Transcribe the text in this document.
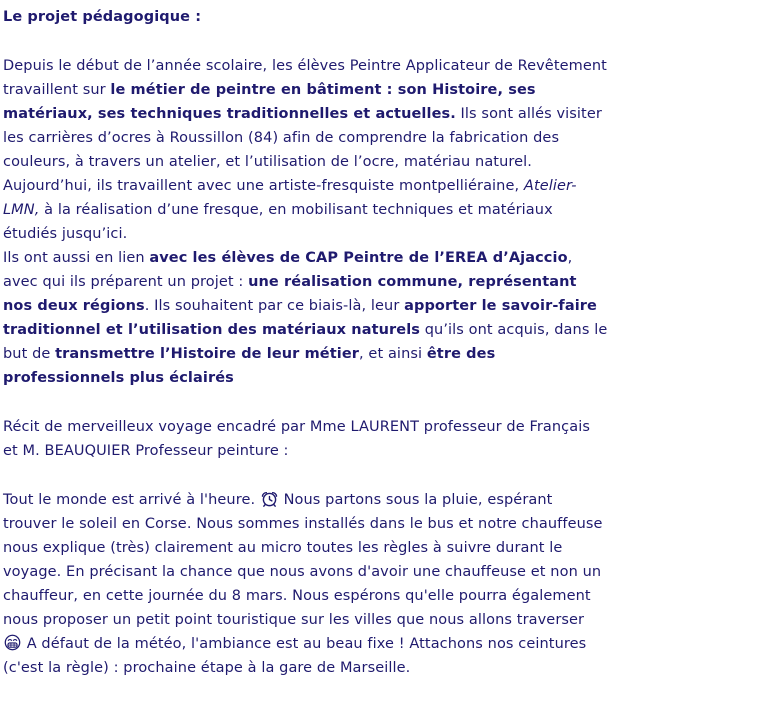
Le projet pédagogique :
Depuis le début de l’année scolaire, les élèves Peintre Applicateur de Revêtement
travaillent sur le métier de peintre en bâtiment : son Histoire, ses
matériaux, ses techniques traditionnelles et actuelles. Ils sont allés visiter
les carrières d’ocres à Roussillon (84) afin de comprendre la fabrication des
couleurs, à travers un atelier, et l’utilisation de l’ocre, matériau naturel.
Aujourd’hui, ils travaillent avec une artiste-fresquiste montpelliéraine, Atelier-
LMN, à la réalisation d’une fresque, en mobilisant techniques et matériaux
étudiés jusqu’ici.
Ils ont aussi en lien avec les élèves de CAP Peintre de l’EREA d’Ajaccio,
avec qui ils préparent un projet : une réalisation commune, représentant
nos deux régions. Ils souhaitent par ce biais-là, leur apporter le savoir-faire
traditionnel et l’utilisation des matériaux naturels qu’ils ont acquis, dans le
but de transmettre l’Histoire de leur métier, et ainsi être des
professionnels plus éclairés
Récit de merveilleux voyage encadré par Mme LAURENT professeur de Français
et M. BEAUQUIER Professeur peinture :
Tout le monde est arrivé à l'heure.  Nous partons sous la pluie, espérant
trouver le soleil en Corse. Nous sommes installés dans le bus et notre chauffeuse
nous explique (très) clairement au micro toutes les règles à suivre durant le
voyage. En précisant la chance que nous avons d'avoir une chauffeuse et non un
chauffeur, en cette journée du 8 mars. Nous espérons qu'elle pourra également
nous proposer un petit point touristique sur les villes que nous allons traverser
A défaut de la météo, l'ambiance est au beau fixe ! Attachons nos ceintures
(c'est la règle) : prochaine étape à la gare de Marseille.
